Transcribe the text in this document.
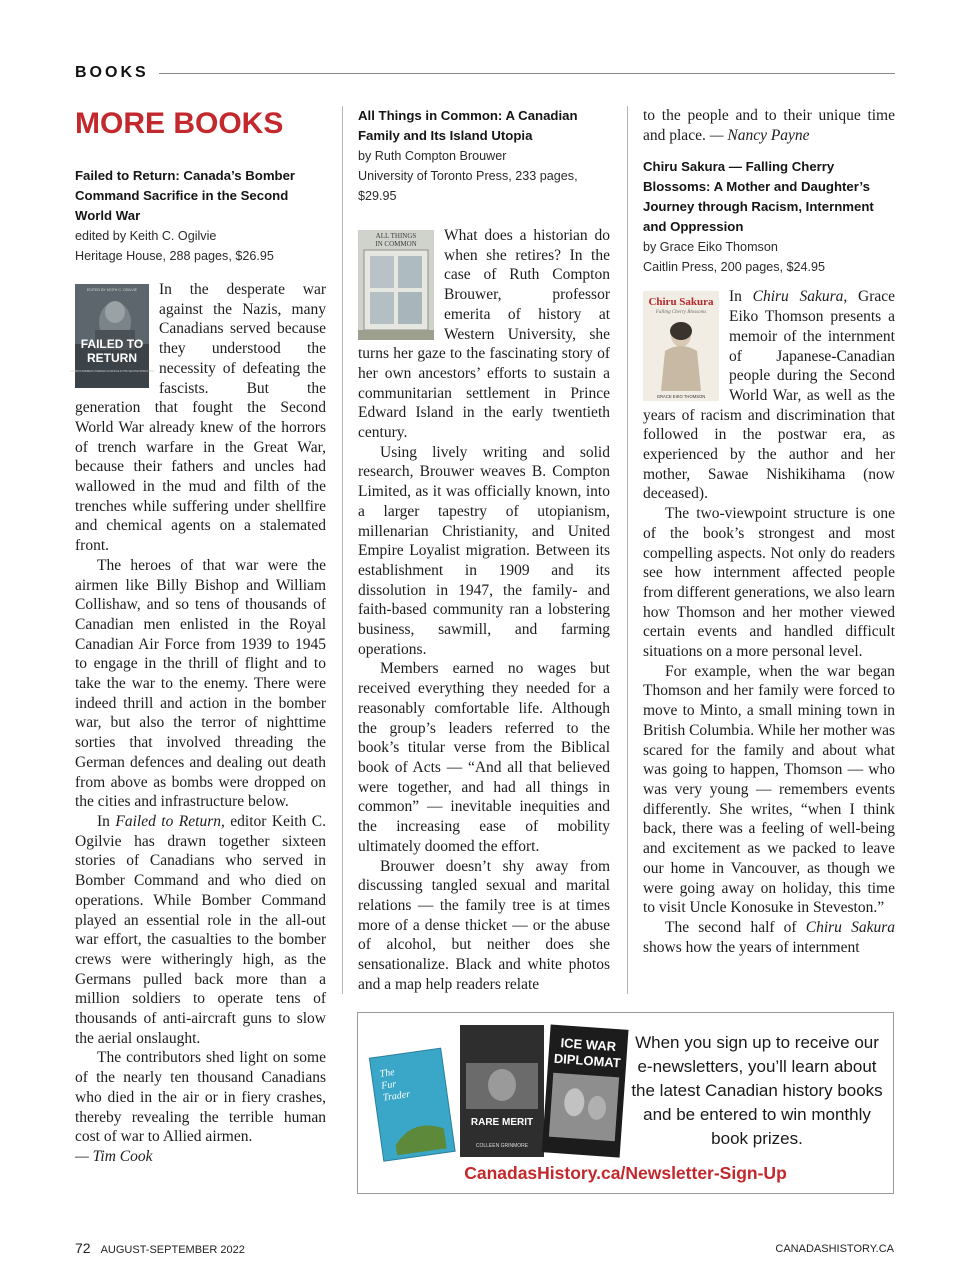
BOOKS
MORE BOOKS
Failed to Return: Canada’s Bomber Command Sacrifice in the Second World War
edited by Keith C. Ogilvie
Heritage House, 288 pages, $26.95
EDITED BY KEITH C. OGILVIE
FAILED TO
RETURN
CANADA’S BOMBER COMMAND SACRIFICE IN THE SECOND WORLD WAR

In the desperate war against the Nazis, many Canadians served because they understood the necessity of defeating the fascists. But the generation that fought the Second World War already knew of the horrors of trench warfare in the Great War, because their fathers and uncles had wallowed in the mud and filth of the trenches while suffering under shellfire and chemical agents on a stalemated front.

The heroes of that war were the airmen like Billy Bishop and William Collishaw, and so tens of thousands of Canadian men enlisted in the Royal Canadian Air Force from 1939 to 1945 to engage in the thrill of flight and to take the war to the enemy. There were indeed thrill and action in the bomber war, but also the terror of nighttime sorties that involved threading the German defences and dealing out death from above as bombs were dropped on the cities and infrastructure below.

In Failed to Return, editor Keith C. Ogilvie has drawn together sixteen stories of Canadians who served in Bomber Command and who died on operations. While Bomber Command played an essential role in the all-out war effort, the casualties to the bomber crews were witheringly high, as the Germans pulled back more than a million soldiers to operate tens of thousands of anti-aircraft guns to slow the aerial onslaught.

The contributors shed light on some of the nearly ten thousand Canadians who died in the air or in fiery crashes, thereby revealing the terrible human cost of war to Allied airmen.

— Tim Cook

All Things in Common: A Canadian Family and Its Island Utopia
by Ruth Compton Brouwer
University of Toronto Press, 233 pages, $29.95
ALL THINGS
IN COMMON	What does a historian do when she retires? In the case of Ruth Compton Brouwer, professor emerita of history at Western University, she turns her gaze to the fascinating story of her own ancestors’ efforts to sustain a communitarian settlement in Prince Edward Island in the early twentieth century.

Using lively writing and solid research, Brouwer weaves B. Compton Limited, as it was officially known, into a larger tapestry of utopianism, millenarian Christianity, and United Empire Loyalist migration. Between its establishment in 1909 and its dissolution in 1947, the family- and faith-based community ran a lobstering business, sawmill, and farming operations.

Members earned no wages but received everything they needed for a reasonably comfortable life. Although the group’s leaders referred to the book’s titular verse from the Biblical book of Acts — “And all that believed were together, and had all things in common” — inevitable inequities and the increasing ease of mobility ultimately doomed the effort.

Brouwer doesn’t shy away from discussing tangled sexual and marital relations — the family tree is at times more of a dense thicket — or the abuse of alcohol, but neither does she sensationalize. Black and white photos and a map help readers relate

to the people and to their unique time and place. — Nancy Payne

Chiru Sakura — Falling Cherry Blossoms: A Mother and Daughter’s Journey through Racism, Internment and Oppression
by Grace Eiko Thomson
Caitlin Press, 200 pages, $24.95
Chiru Sakura
Falling Cherry Blossoms
GRACE EIKO THOMSON

In Chiru Sakura, Grace Eiko Thomson presents a memoir of the internment of Japanese-Canadian people during the Second World War, as well as the years of racism and discrimination that followed in the postwar era, as experienced by the author and her mother, Sawae Nishikihama (now deceased).

The two-viewpoint structure is one of the book’s strongest and most compelling aspects. Not only do readers see how internment affected people from different generations, we also learn how Thomson and her mother viewed certain events and handled difficult situations on a more personal level.

For example, when the war began Thomson and her family were forced to move to Minto, a small mining town in British Columbia. While her mother was scared for the family and about what was going to happen, Thomson — who was very young — remembers events differently. She writes, “when I think back, there was a feeling of well-being and excitement as we packed to leave our home in Vancouver, as though we were going away on holiday, this time to visit Uncle Konosuke in Steveston.”

The second half of Chiru Sakura shows how the years of internment

The
Fur
Trader
RARE MERIT
COLLEEN GRINMORE
ICE WAR
DIPLOMAT
When you sign up to receive our e-newsletters, you’ll learn about the latest Canadian history books and be entered to win monthly book prizes.
CanadasHistory.ca/Newsletter-Sign-Up
72 AUGUST-SEPTEMBER 2022	CANADASHISTORY.CA
